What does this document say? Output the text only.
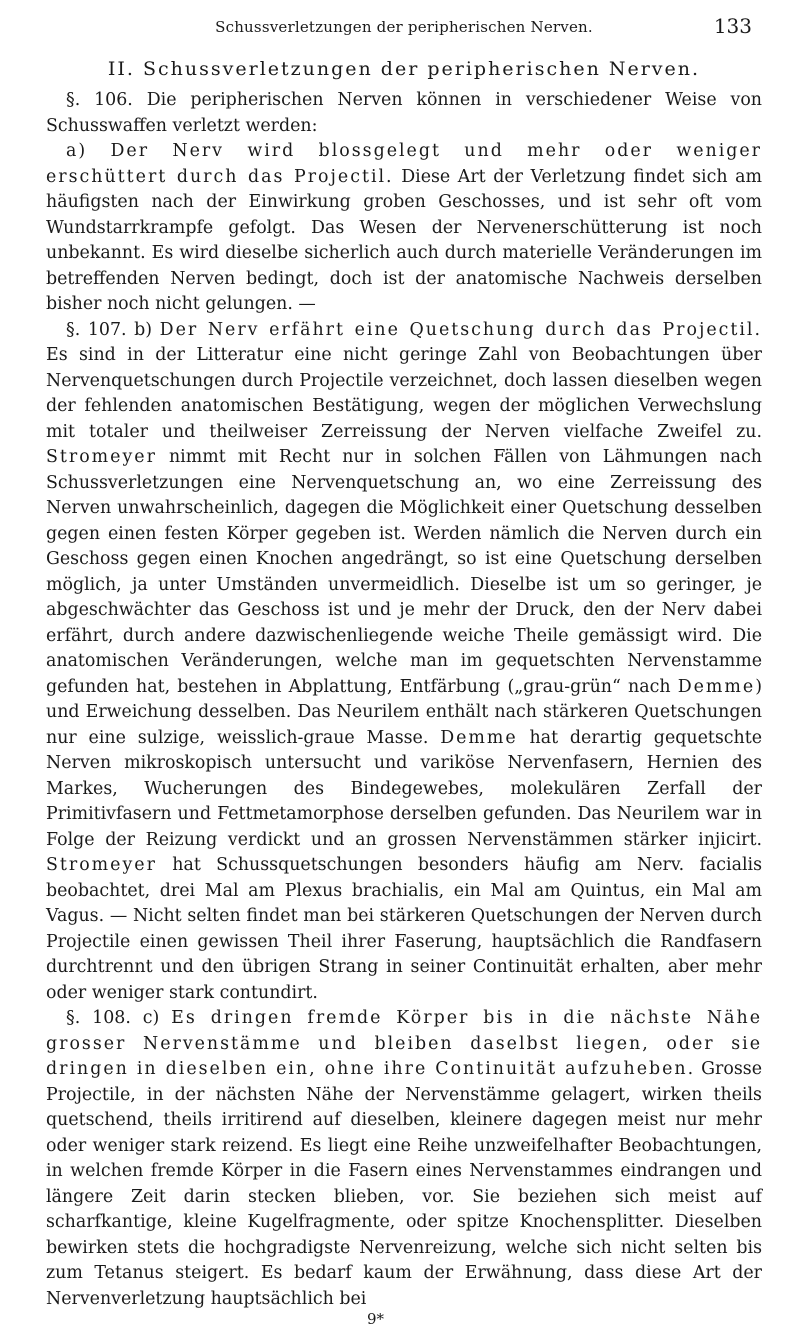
Schussverletzungen der peripherischen Nerven.	133
II. Schussverletzungen der peripherischen Nerven.

§. 106. Die peripherischen Nerven können in verschiedener Weise von Schusswaffen verletzt werden:

a) Der Nerv wird blossgelegt und mehr oder weniger erschüttert durch das Projectil. Diese Art der Verletzung findet sich am häufigsten nach der Einwirkung groben Geschosses, und ist sehr oft vom Wundstarrkrampfe gefolgt. Das Wesen der Nervenerschütterung ist noch unbekannt. Es wird dieselbe sicherlich auch durch materielle Veränderungen im betreffenden Nerven bedingt, doch ist der anatomische Nachweis derselben bisher noch nicht gelungen. —

§. 107. b) Der Nerv erfährt eine Quetschung durch das Projectil. Es sind in der Litteratur eine nicht geringe Zahl von Beobachtungen über Nervenquetschungen durch Projectile verzeichnet, doch lassen dieselben wegen der fehlenden anatomischen Bestätigung, wegen der möglichen Verwechslung mit totaler und theilweiser Zerreissung der Nerven vielfache Zweifel zu. Stromeyer nimmt mit Recht nur in solchen Fällen von Lähmungen nach Schussverletzungen eine Nervenquetschung an, wo eine Zerreissung des Nerven unwahrscheinlich, dagegen die Möglichkeit einer Quetschung desselben gegen einen festen Körper gegeben ist. Werden nämlich die Nerven durch ein Geschoss gegen einen Knochen angedrängt, so ist eine Quetschung derselben möglich, ja unter Umständen unvermeidlich. Dieselbe ist um so geringer, je abgeschwächter das Geschoss ist und je mehr der Druck, den der Nerv dabei erfährt, durch andere dazwischenliegende weiche Theile gemässigt wird. Die anatomischen Veränderungen, welche man im gequetschten Nervenstamme gefunden hat, bestehen in Abplattung, Entfärbung („grau-grün“ nach Demme) und Erweichung desselben. Das Neurilem enthält nach stärkeren Quetschungen nur eine sulzige, weisslich-graue Masse. Demme hat derartig gequetschte Nerven mikroskopisch untersucht und variköse Nervenfasern, Hernien des Markes, Wucherungen des Bindegewebes, molekulären Zerfall der Primitivfasern und Fettmetamorphose derselben gefunden. Das Neurilem war in Folge der Reizung verdickt und an grossen Nervenstämmen stärker injicirt. Stromeyer hat Schussquetschungen besonders häufig am Nerv. facialis beobachtet, drei Mal am Plexus brachialis, ein Mal am Quintus, ein Mal am Vagus. — Nicht selten findet man bei stärkeren Quetschungen der Nerven durch Projectile einen gewissen Theil ihrer Faserung, hauptsächlich die Randfasern durchtrennt und den übrigen Strang in seiner Continuität erhalten, aber mehr oder weniger stark contundirt.

§. 108. c) Es dringen fremde Körper bis in die nächste Nähe grosser Nervenstämme und bleiben daselbst liegen, oder sie dringen in dieselben ein, ohne ihre Continuität aufzuheben. Grosse Projectile, in der nächsten Nähe der Nervenstämme gelagert, wirken theils quetschend, theils irritirend auf dieselben, kleinere dagegen meist nur mehr oder weniger stark reizend. Es liegt eine Reihe unzweifelhafter Beobachtungen, in welchen fremde Körper in die Fasern eines Nervenstammes eindrangen und längere Zeit darin stecken blieben, vor. Sie beziehen sich meist auf scharfkantige, kleine Kugelfragmente, oder spitze Knochensplitter. Dieselben bewirken stets die hochgradigste Nervenreizung, welche sich nicht selten bis zum Tetanus steigert. Es bedarf kaum der Erwähnung, dass diese Art der Nervenverletzung hauptsächlich bei

9*
